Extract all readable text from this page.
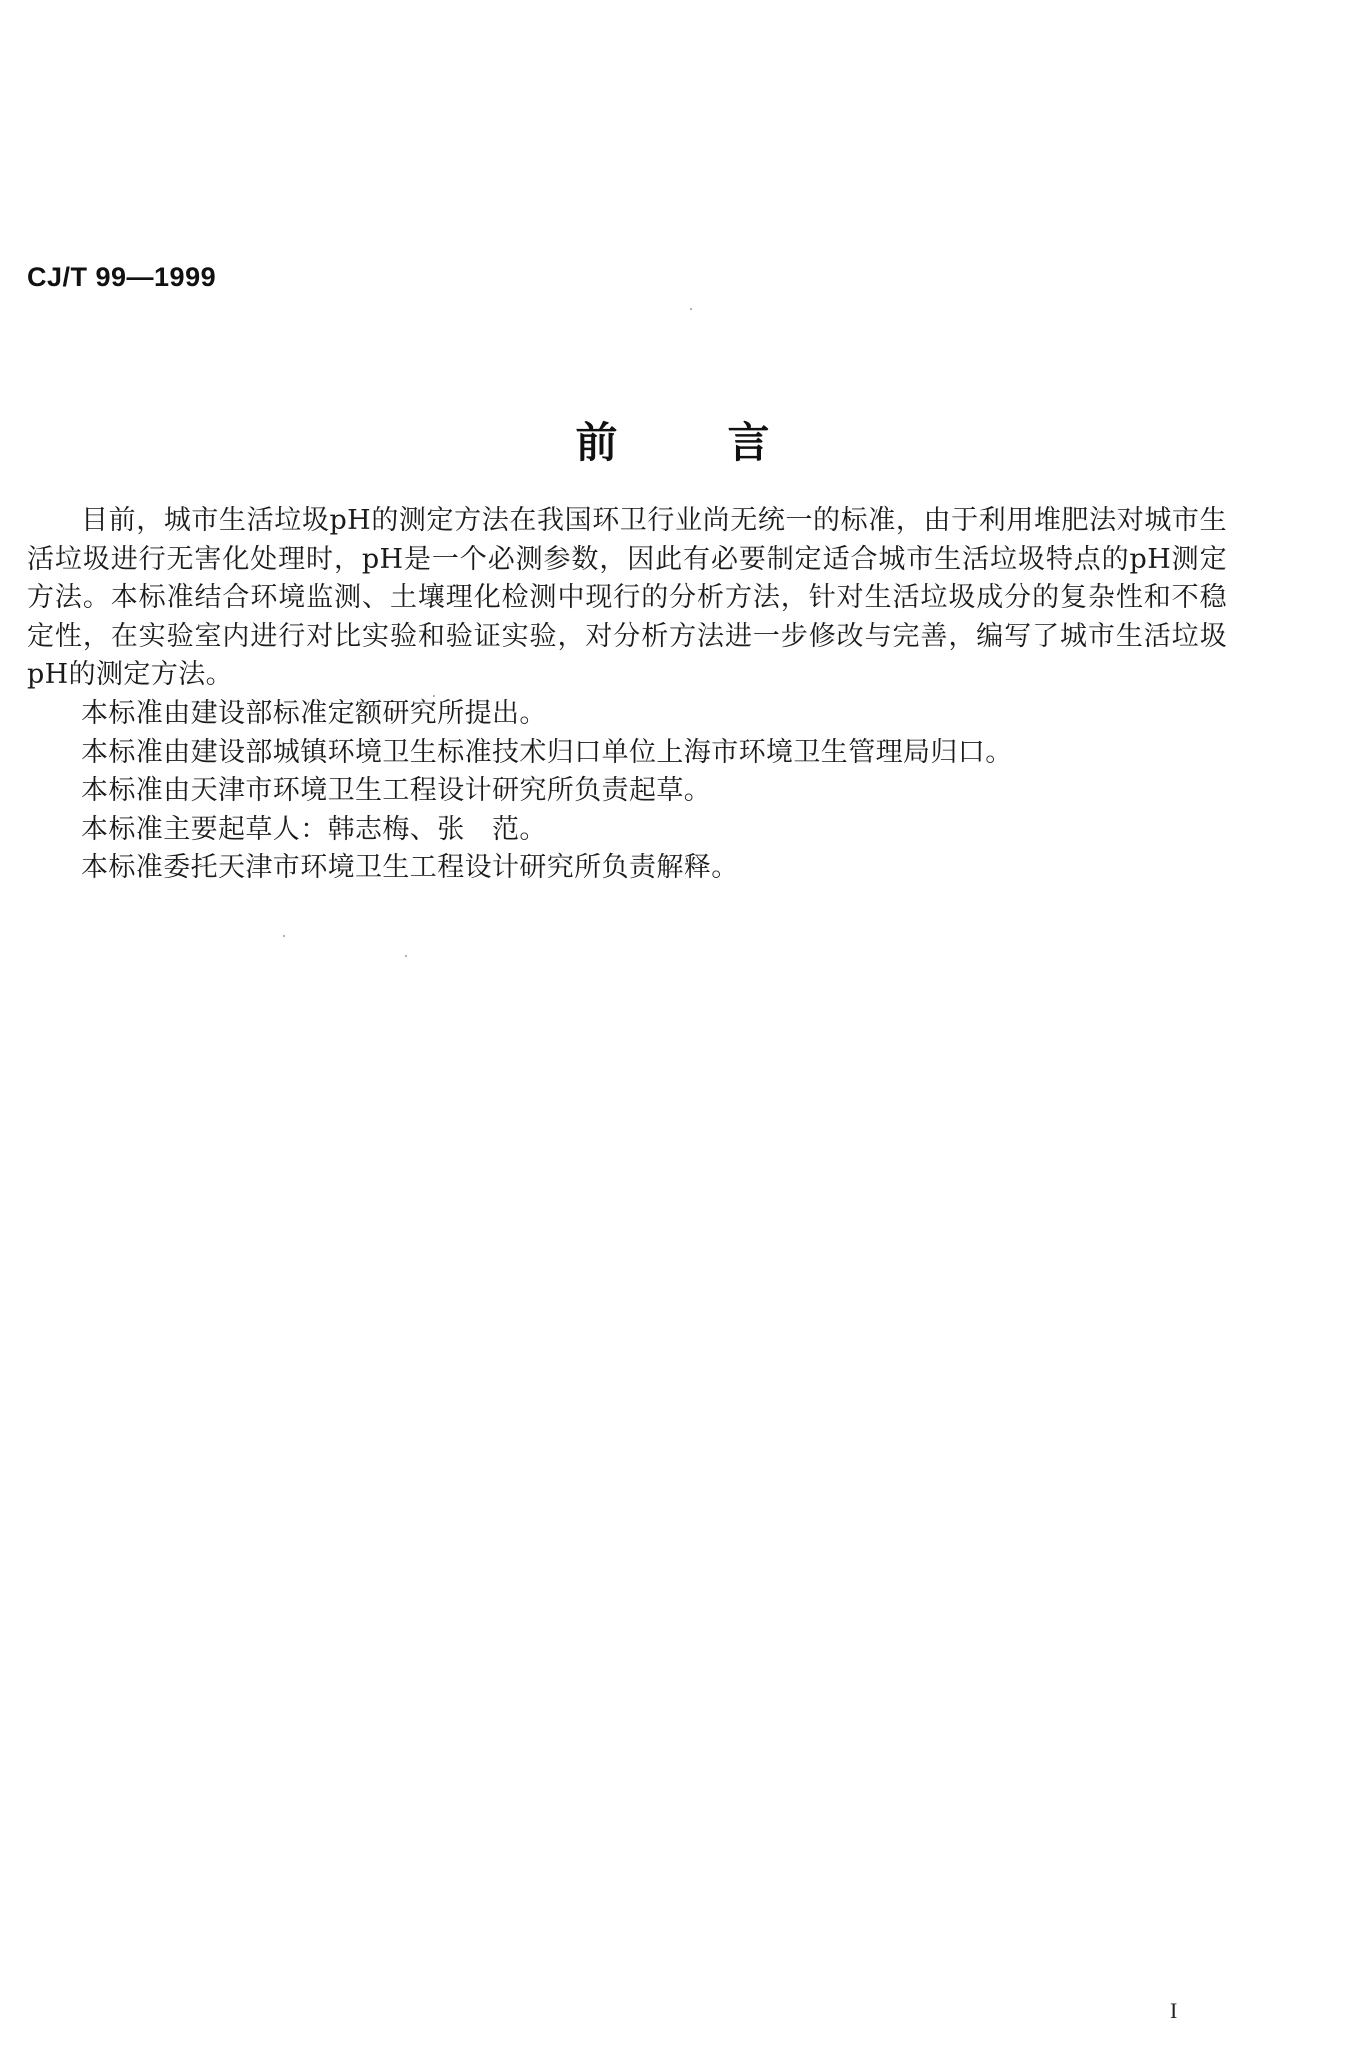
CJ/T 99—1999
前言

目前，城市生活垃圾pH的测定方法在我国环卫行业尚无统一的标准，由于利用堆肥法对城市生活垃圾进行无害化处理时，pH是一个必测参数，因此有必要制定适合城市生活垃圾特点的pH测定方法。本标准结合环境监测、土壤理化检测中现行的分析方法，针对生活垃圾成分的复杂性和不稳定性，在实验室内进行对比实验和验证实验，对分析方法进一步修改与完善，编写了城市生活垃圾pH的测定方法。

本标准由建设部标准定额研究所提出。

本标准由建设部城镇环境卫生标准技术归口单位上海市环境卫生管理局归口。

本标准由天津市环境卫生工程设计研究所负责起草。

本标准主要起草人：韩志梅、张　范。

本标准委托天津市环境卫生工程设计研究所负责解释。

I
